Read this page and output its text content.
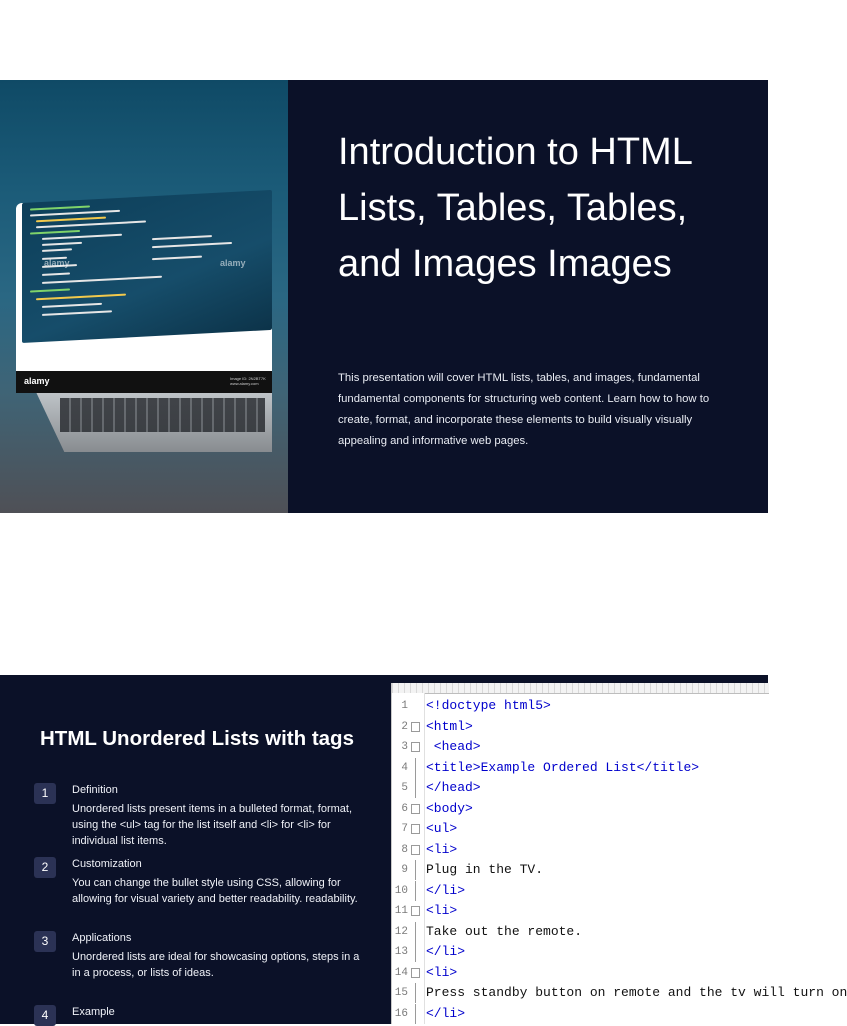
alamy	Image ID: 2N2BT7K www.alamy.com
alamy	alamy
Introduction to HTML Lists, Tables, Tables, and Images Images

This presentation will cover HTML lists, tables, and images, fundamental fundamental components for structuring web content. Learn how to how to create, format, and incorporate these elements to build visually visually appealing and informative web pages.

HTML Unordered Lists with tags
1	Definition
Unordered lists present items in a bulleted format, format, using the <ul> tag for the list itself and <li> for <li> for individual list items.
2	Customization
You can change the bullet style using CSS, allowing for allowing for visual variety and better readability. readability.
3	Applications
Unordered lists are ideal for showcasing options, steps in a in a process, or lists of ideas.
4	Example
1 <!doctype html5>
2 <html>
3 <head>
4 <title>Example Ordered List</title>
5 </head>
6 <body>
7 <ul>
8 <li>
9 Plug in the TV.
10 </li>
11 <li>
12 Take out the remote.
13 </li>
14 <li>
15 Press standby button on remote and the tv will turn on
16 </li>
